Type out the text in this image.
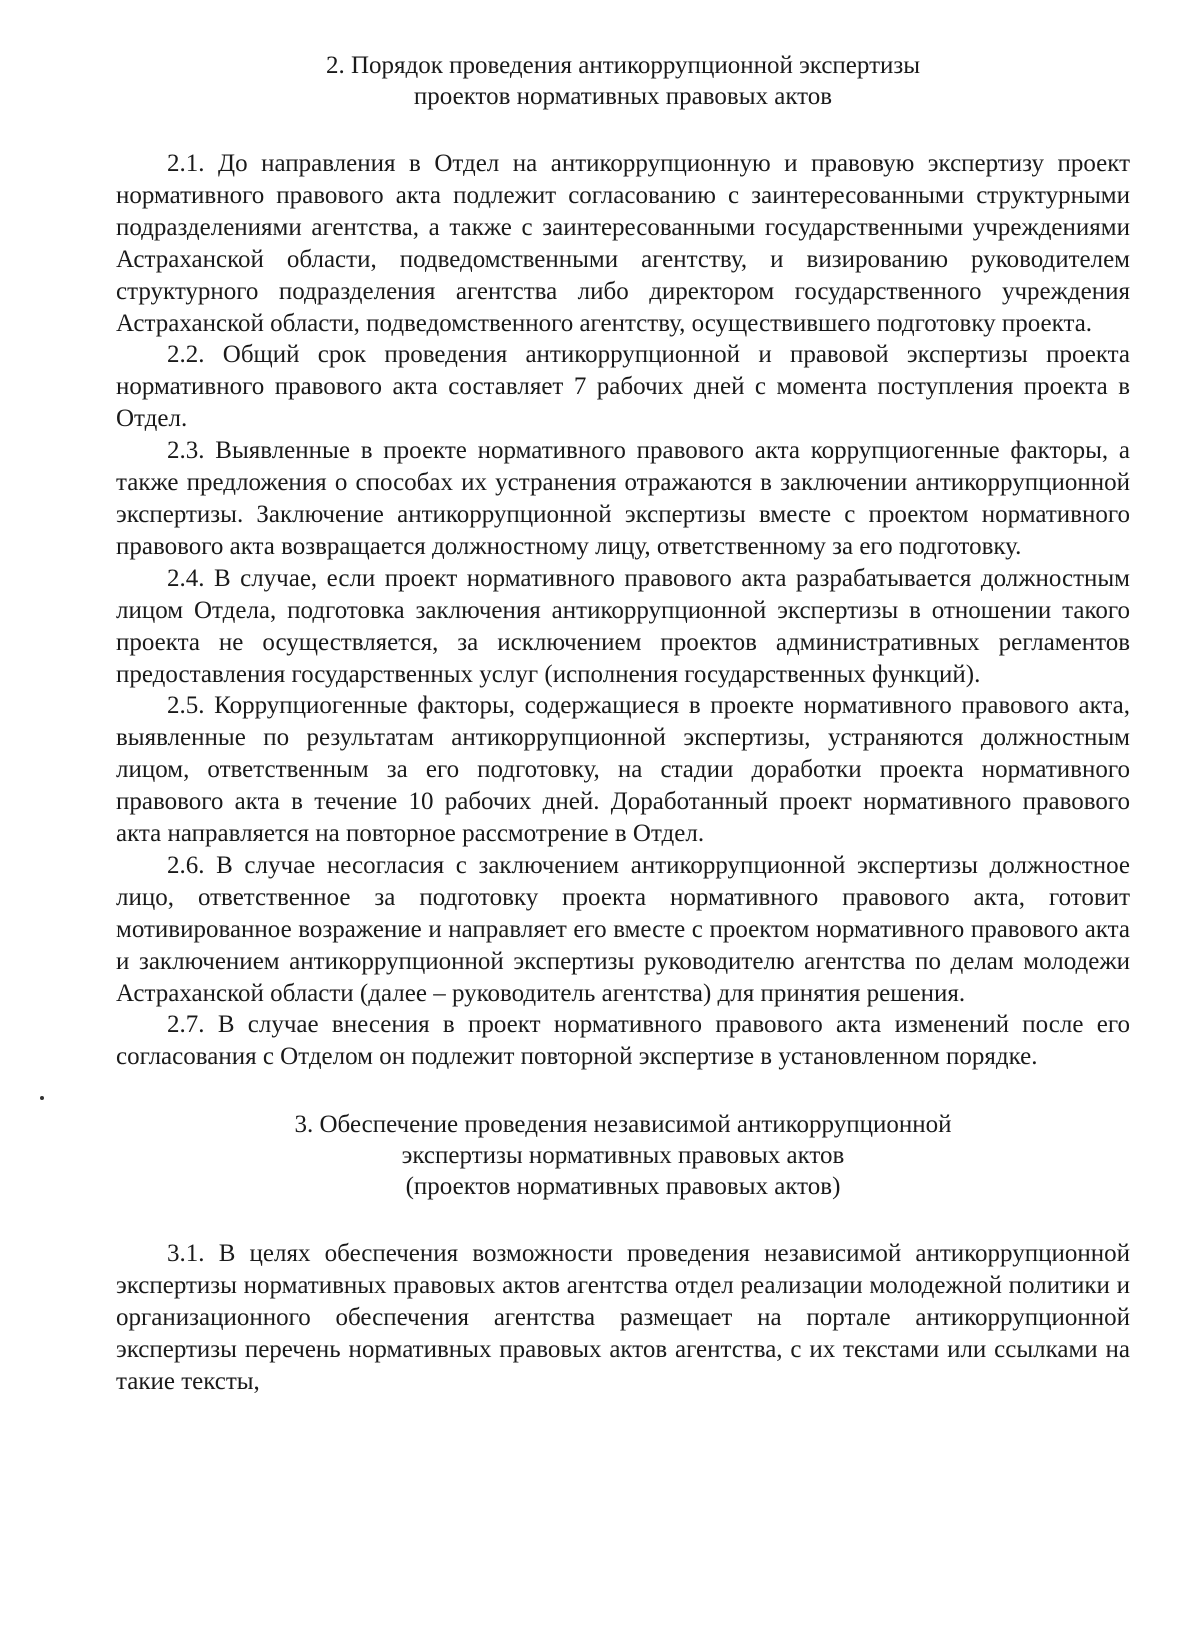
2. Порядок проведения антикоррупционной экспертизы
проектов нормативных правовых актов

2.1. До направления в Отдел на антикоррупционную и правовую экспертизу проект нормативного правового акта подлежит согласованию с заинтересованными структурными подразделениями агентства, а также с заинтересованными государственными учреждениями Астраханской области, подведомственными агентству, и визированию руководителем структурного подразделения агентства либо директором государственного учреждения Астраханской области, подведомственного агентству, осуществившего подготовку проекта.

2.2. Общий срок проведения антикоррупционной и правовой экспертизы проекта нормативного правового акта составляет 7 рабочих дней с момента поступления проекта в Отдел.

2.3. Выявленные в проекте нормативного правового акта коррупциогенные факторы, а также предложения о способах их устранения отражаются в заключении антикоррупционной экспертизы. Заключение антикоррупционной экспертизы вместе с проектом нормативного правового акта возвращается должностному лицу, ответственному за его подготовку.

2.4. В случае, если проект нормативного правового акта разрабатывается должностным лицом Отдела, подготовка заключения антикоррупционной экспертизы в отношении такого проекта не осуществляется, за исключением проектов административных регламентов предоставления государственных услуг (исполнения государственных функций).

2.5. Коррупциогенные факторы, содержащиеся в проекте нормативного правового акта, выявленные по результатам антикоррупционной экспертизы, устраняются должностным лицом, ответственным за его подготовку, на стадии доработки проекта нормативного правового акта в течение 10 рабочих дней. Доработанный проект нормативного правового акта направляется на повторное рассмотрение в Отдел.

2.6. В случае несогласия с заключением антикоррупционной экспертизы должностное лицо, ответственное за подготовку проекта нормативного правового акта, готовит мотивированное возражение и направляет его вместе с проектом нормативного правового акта и заключением антикоррупционной экспертизы руководителю агентства по делам молодежи Астраханской области (далее – руководитель агентства) для принятия решения.

2.7. В случае внесения в проект нормативного правового акта изменений после его согласования с Отделом он подлежит повторной экспертизе в установленном порядке.

3. Обеспечение проведения независимой антикоррупционной
экспертизы нормативных правовых актов
(проектов нормативных правовых актов)

3.1. В целях обеспечения возможности проведения независимой антикоррупционной экспертизы нормативных правовых актов агентства отдел реализации молодежной политики и организационного обеспечения агентства размещает на портале антикоррупционной экспертизы перечень нормативных правовых актов агентства, с их текстами или ссылками на такие тексты,
